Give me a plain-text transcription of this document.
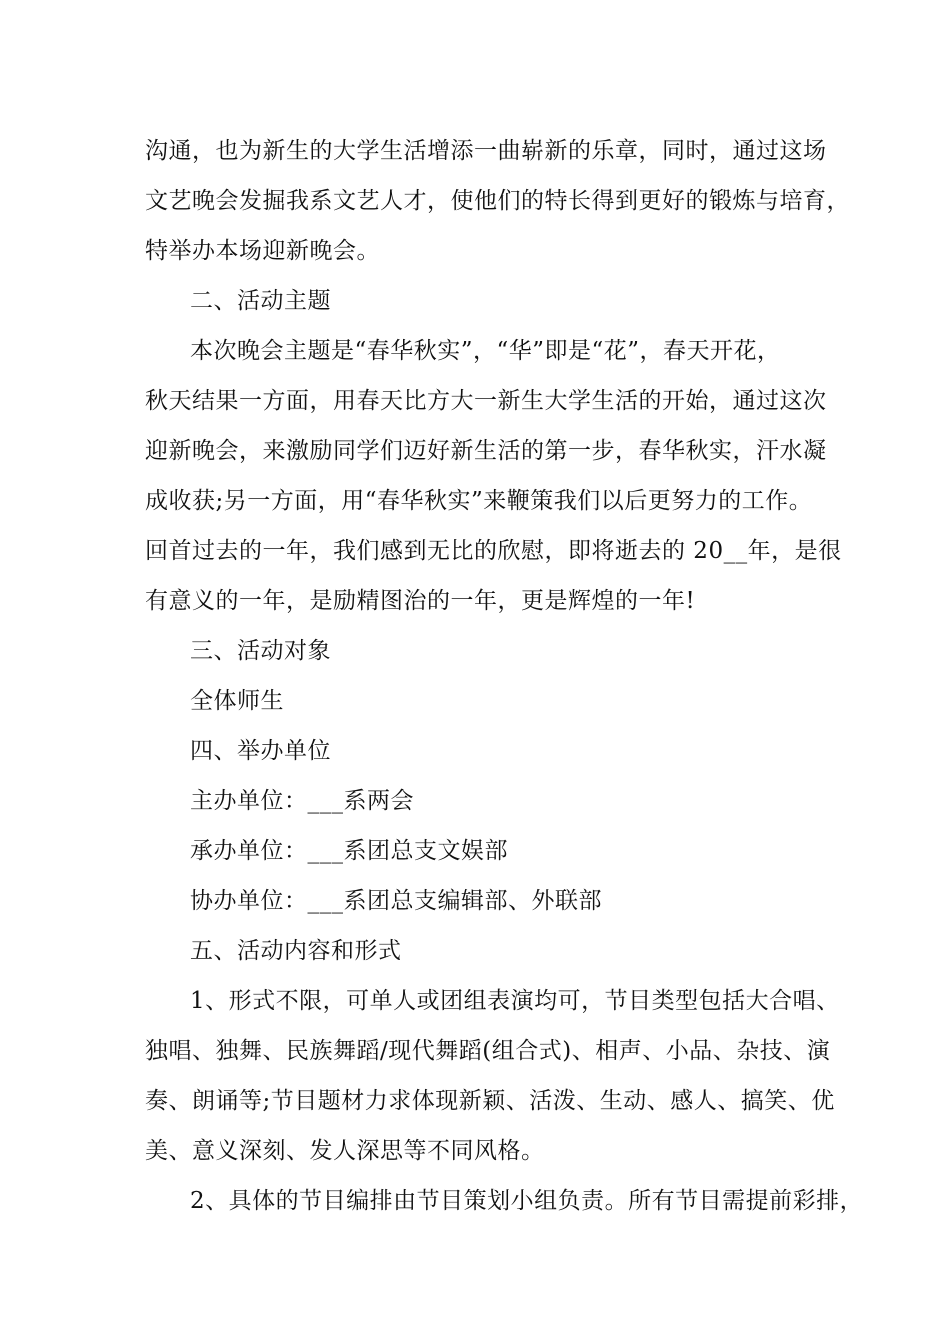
沟通，也为新生的大学生活增添一曲崭新的乐章，同时，通过这场
文艺晚会发掘我系文艺人才，使他们的特长得到更好的锻炼与培育，
特举办本场迎新晚会。
二、活动主题
本次晚会主题是“春华秋实”，“华”即是“花”，春天开花，
秋天结果一方面，用春天比方大一新生大学生活的开始，通过这次
迎新晚会，来激励同学们迈好新生活的第一步，春华秋实，汗水凝
成收获;另一方面，用“春华秋实”来鞭策我们以后更努力的工作。
回首过去的一年，我们感到无比的欣慰，即将逝去的 20__年，是很
有意义的一年，是励精图治的一年，更是辉煌的一年!
三、活动对象
全体师生
四、举办单位
主办单位：___系两会
承办单位：___系团总支文娱部
协办单位：___系团总支编辑部、外联部
五、活动内容和形式
1、形式不限，可单人或团组表演均可，节目类型包括大合唱、
独唱、独舞、民族舞蹈/现代舞蹈(组合式)、相声、小品、杂技、演
奏、朗诵等;节目题材力求体现新颖、活泼、生动、感人、搞笑、优
美、意义深刻、发人深思等不同风格。
2、具体的节目编排由节目策划小组负责。所有节目需提前彩排，
